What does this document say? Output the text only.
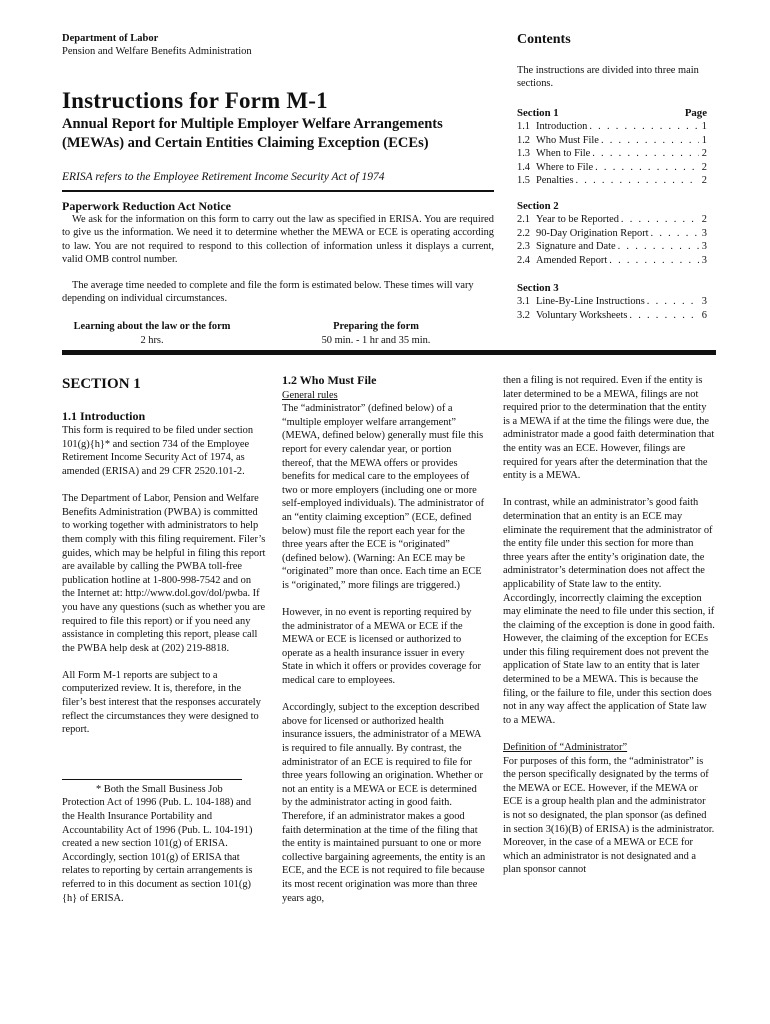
Department of Labor
Pension and Welfare Benefits Administration
Instructions for Form M-1
Annual Report for Multiple Employer Welfare Arrangements (MEWAs) and Certain Entities Claiming Exception (ECEs)
ERISA refers to the Employee Retirement Income Security Act of 1974
Paperwork Reduction Act Notice
We ask for the information on this form to carry out the law as specified in ERISA. You are required to give us the information. We need it to determine whether the MEWA or ECE is operating according to law. You are not required to respond to this collection of information unless it displays a current, valid OMB control number.
The average time needed to complete and file the form is estimated below. These times will vary depending on individual circumstances.
Learning about the law or the form
2 hrs.
Preparing the form
50 min. - 1 hr and 35 min.
Contents
The instructions are divided into three main sections.
Section 1	Page
1.1 Introduction . . .	1
1.2 Who Must File . . .	1
1.3 When to File . . .	2
1.4 Where to File . . .	2
1.5 Penalties . . .	2
Section 2
2.1 Year to be Reported . . .	2
2.2 90-Day Origination Report . . .	3
2.3 Signature and Date . . .	3
2.4 Amended Report . . .	3
Section 3
3.1 Line-By-Line Instructions . . .	3
3.2 Voluntary Worksheets . . .	6
SECTION 1
1.1 Introduction

This form is required to be filed under section 101(g){h}* and section 734 of the Employee Retirement Income Security Act of 1974, as amended (ERISA) and 29 CFR 2520.101-2.

The Department of Labor, Pension and Welfare Benefits Administration (PWBA) is committed to working together with administrators to help them comply with this filing requirement. Filer’s guides, which may be helpful in filing this report are available by calling the PWBA toll-free publication hotline at 1-800-998-7542 and on the Internet at: http://www.dol.gov/dol/pwba. If you have any questions (such as whether you are required to file this report) or if you need any assistance in completing this report, please call the PWBA help desk at (202) 219-8818.

All Form M-1 reports are subject to a computerized review. It is, therefore, in the filer’s best interest that the responses accurately reflect the circumstances they were designed to report.

* Both the Small Business Job Protection Act of 1996 (Pub. L. 104-188) and the Health Insurance Portability and Accountability Act of 1996 (Pub. L. 104-191) created a new section 101(g) of ERISA. Accordingly, section 101(g) of ERISA that relates to reporting by certain arrangements is referred to in this document as section 101(g){h} of ERISA.

1.2 Who Must File

General rules

The “administrator” (defined below) of a “multiple employer welfare arrangement” (MEWA, defined below) generally must file this report for every calendar year, or portion thereof, that the MEWA offers or provides benefits for medical care to the employees of two or more employers (including one or more self-employed individuals). The administrator of an “entity claiming exception” (ECE, defined below) must file the report each year for the three years after the ECE is “originated” (defined below). (Warning: An ECE may be “originated” more than once. Each time an ECE is “originated,” more filings are triggered.)

However, in no event is reporting required by the administrator of a MEWA or ECE if the MEWA or ECE is licensed or authorized to operate as a health insurance issuer in every State in which it offers or provides coverage for medical care to employees.

Accordingly, subject to the exception described above for licensed or authorized health insurance issuers, the administrator of a MEWA is required to file annually. By contrast, the administrator of an ECE is required to file for three years following an origination. Whether or not an entity is a MEWA or ECE is determined by the administrator acting in good faith. Therefore, if an administrator makes a good faith determination at the time of the filing that the entity is maintained pursuant to one or more collective bargaining agreements, the entity is an ECE, and the ECE is not required to file because its most recent origination was more than three years ago,

then a filing is not required. Even if the entity is later determined to be a MEWA, filings are not required prior to the determination that the entity is a MEWA if at the time the filings were due, the administrator made a good faith determination that the entity was an ECE. However, filings are required for years after the determination that the entity is a MEWA.

In contrast, while an administrator’s good faith determination that an entity is an ECE may eliminate the requirement that the administrator of the entity file under this section for more than three years after the entity’s origination date, the administrator’s determination does not affect the applicability of State law to the entity. Accordingly, incorrectly claiming the exception may eliminate the need to file under this section, if the claiming of the exception is done in good faith. However, the claiming of the exception for ECEs under this filing requirement does not prevent the application of State law to an entity that is later determined to be a MEWA. This is because the filing, or the failure to file, under this section does not in any way affect the application of State law to a MEWA.

Definition of “Administrator”

For purposes of this form, the “administrator” is the person specifically designated by the terms of the MEWA or ECE. However, if the MEWA or ECE is a group health plan and the administrator is not so designated, the plan sponsor (as defined in section 3(16)(B) of ERISA) is the administrator. Moreover, in the case of a MEWA or ECE for which an administrator is not designated and a plan sponsor cannot
